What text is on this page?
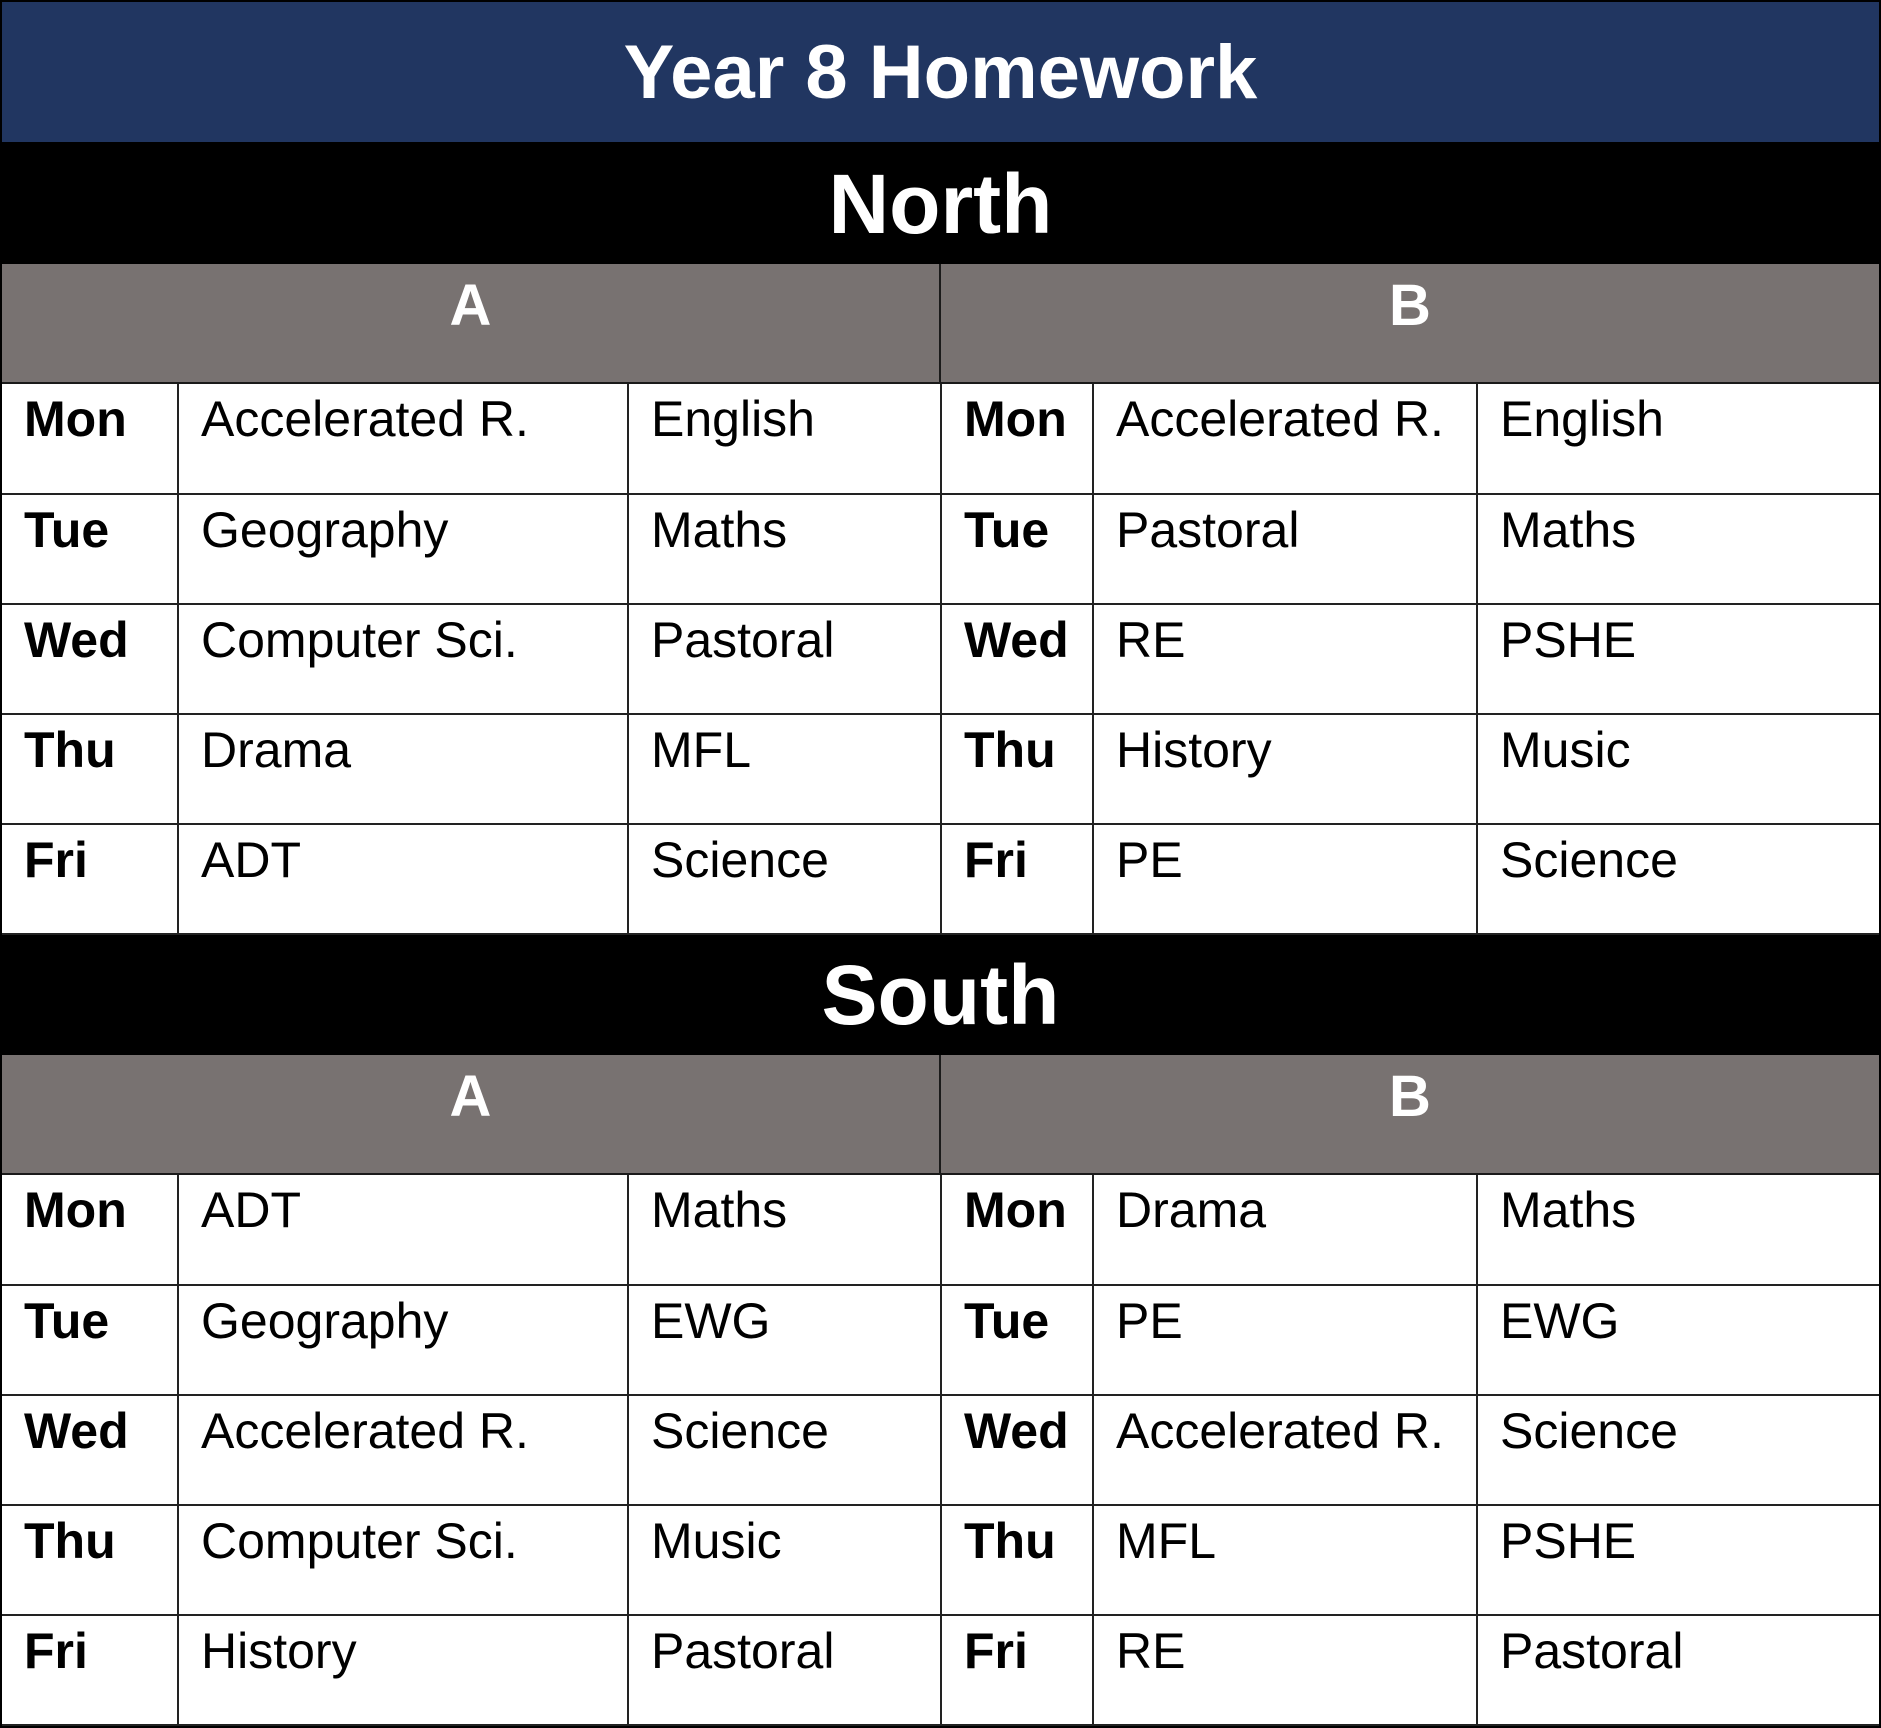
Year 8 Homework
North
A	B
Mon	Accelerated R.	English	Mon	Accelerated R.	English
Tue	Geography	Maths	Tue	Pastoral	Maths
Wed	Computer Sci.	Pastoral	Wed	RE	PSHE
Thu	Drama	MFL	Thu	History	Music
Fri	ADT	Science	Fri	PE	Science
South
A	B
Mon	ADT	Maths	Mon	Drama	Maths
Tue	Geography	EWG	Tue	PE	EWG
Wed	Accelerated R.	Science	Wed	Accelerated R.	Science
Thu	Computer Sci.	Music	Thu	MFL	PSHE
Fri	History	Pastoral	Fri	RE	Pastoral
